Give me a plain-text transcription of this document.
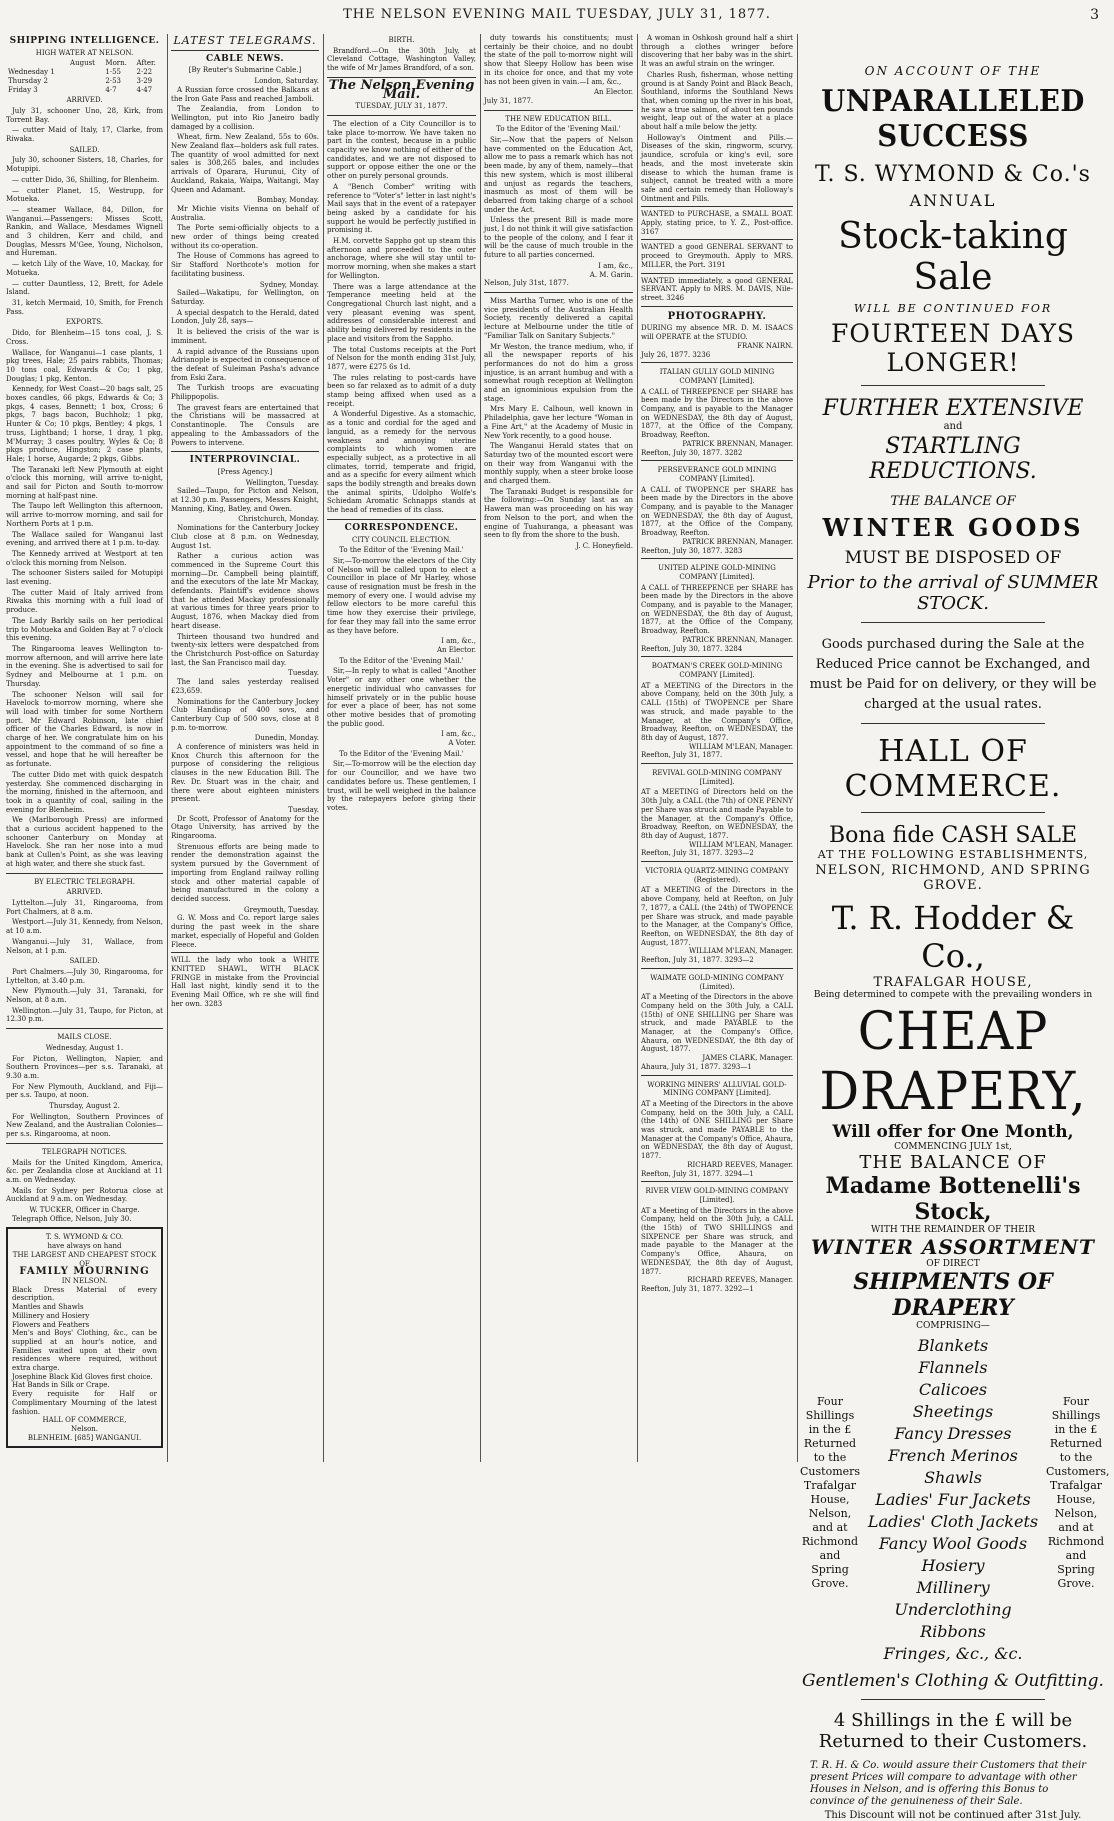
THE NELSON EVENING MAIL TUESDAY, JULY 31, 1877.	3
SHIPPING INTELLIGENCE.
HIGH WATER AT NELSON.
	August	Morn.	After.
Wednesday 1		1·55	2·22
Thursday 2		2·53	3·29
Friday 3		4·7	4·47
ARRIVED.

July 31, schooner Uno, 28, Kirk, from Torrent Bay.

— cutter Maid of Italy, 17, Clarke, from Riwaka.

SAILED.

July 30, schooner Sisters, 18, Charles, for Motupipi.

— cutter Dido, 36, Shilling, for Blenheim.

— cutter Planet, 15, Westrupp, for Motueka.

— steamer Wallace, 84, Dillon, for Wanganui.—Passengers: Misses Scott, Rankin, and Wallace, Mesdames Wignell and 3 children, Kerr and child, and Douglas, Messrs M'Gee, Young, Nicholson, and Hureman.

— ketch Lily of the Wave, 10, Mackay, for Motueka.

— cutter Dauntless, 12, Brett, for Adele Island.

31, ketch Mermaid, 10, Smith, for French Pass.

EXPORTS.

Dido, for Blenheim—15 tons coal, J. S. Cross.

Wallace, for Wanganui—1 case plants, 1 pkg trees, Hale; 25 pairs rabbits, Thomas; 10 tons coal, Edwards & Co; 1 pkg, Douglas; 1 pkg, Kenton.

Kennedy, for West Coast—20 bags salt, 25 boxes candles, 66 pkgs, Edwards & Co; 3 pkgs, 4 cases, Bennett; 1 box, Cross; 6 pkgs, 7 bags bacon, Buchholz; 1 pkg, Hunter & Co; 10 pkgs, Bentley; 4 pkgs, 1 truss, Lightband; 1 horse, 1 dray, 1 pkg, M'Murray; 3 cases poultry, Wyles & Co; 8 pkgs produce, Hingston; 2 case plants, Hale; 1 horse, Augarde; 2 pkgs, Gibbs.

The Taranaki left New Plymouth at eight o'clock this morning, will arrive to-night, and sail for Picton and South to-morrow morning at half-past nine.

The Taupo left Wellington this afternoon, will arrive to-morrow morning, and sail for Northern Ports at 1 p.m.

The Wallace sailed for Wanganui last evening, and arrived there at 1 p.m. to-day.

The Kennedy arrived at Westport at ten o'clock this morning from Nelson.

The schooner Sisters sailed for Motupipi last evening.

The cutter Maid of Italy arrived from Riwaka this morning with a full load of produce.

The Lady Barkly sails on her periodical trip to Motueka and Golden Bay at 7 o'clock this evening.

The Ringarooma leaves Wellington to-morrow afternoon, and will arrive here late in the evening. She is advertised to sail for Sydney and Melbourne at 1 p.m. on Thursday.

The schooner Nelson will sail for Havelock to-morrow morning, where she will load with timber for some Northern port. Mr Edward Robinson, late chief officer of the Charles Edward, is now in charge of her. We congratulate him on his appointment to the command of so fine a vessel, and hope that he will hereafter be as fortunate.

The cutter Dido met with quick despatch yesterday. She commenced discharging in the morning, finished in the afternoon, and took in a quantity of coal, sailing in the evening for Blenheim.

We (Marlborough Press) are informed that a curious accident happened to the schooner Canterbury on Monday at Havelock. She ran her nose into a mud bank at Cullen's Point, as she was leaving at high water, and there she stuck fast.

BY ELECTRIC TELEGRAPH.
ARRIVED.

Lyttelton.—July 31, Ringarooma, from Port Chalmers, at 8 a.m.

Westport.—July 31, Kennedy, from Nelson, at 10 a.m.

Wanganui.—July 31, Wallace, from Nelson, at 1 p.m.

SAILED.

Port Chalmers.—July 30, Ringarooma, for Lyttelton, at 3.40 p.m.

New Plymouth.—July 31, Taranaki, for Nelson, at 8 a.m.

Wellington.—July 31, Taupo, for Picton, at 12.30 p.m.

MAILS CLOSE.
Wednesday, August 1.

For Picton, Wellington, Napier, and Southern Provinces—per s.s. Taranaki, at 9.30 a.m.

For New Plymouth, Auckland, and Fiji—per s.s. Taupo, at noon.

Thursday, August 2.

For Wellington, Southern Provinces of New Zealand, and the Australian Colonies—per s.s. Ringarooma, at noon.

TELEGRAPH NOTICES.

Mails for the United Kingdom, America, &c. per Zealandia close at Auckland at 11 a.m. on Wednesday.

Mails for Sydney per Rotorua close at Auckland at 9 a.m. on Wednesday.

W. TUCKER, Officer in Charge.

Telegraph Office, Nelson, July 30.

T. S. WYMOND & CO.
have always on hand
THE LARGEST AND CHEAPEST STOCK OF
FAMILY MOURNING
IN NELSON.
Black Dress Material of every description.
Mantles and Shawls
Millinery and Hosiery
Flowers and Feathers
Men's and Boys' Clothing, &c., can be supplied at an hour's notice, and Families waited upon at their own residences where required, without extra charge.
Josephine Black Kid Gloves first choice.
Hat Bands in Silk or Crape.
Every requisite for Half or Complimentary Mourning of the latest fashion.
HALL OF COMMERCE,
Nelson.
BLENHEIM. [685] WANGANUI.
LATEST TELEGRAMS.
CABLE NEWS.
[By Reuter's Submarine Cable.]
London, Saturday.

A Russian force crossed the Balkans at the Iron Gate Pass and reached Jamboli.

The Zealandia, from London to Wellington, put into Rio Janeiro badly damaged by a collision.

Wheat, firm. New Zealand, 55s to 60s. New Zealand flax—holders ask full rates. The quantity of wool admitted for next sales is 308,265 bales, and includes arrivals of Oparara, Hurunui, City of Auckland, Rakaia, Waipa, Waitangi, May Queen and Adamant.

Bombay, Monday.

Mr Michie visits Vienna on behalf of Australia.

The Porte semi-officially objects to a new order of things being created without its co-operation.

The House of Commons has agreed to Sir Stafford Northcote's motion for facilitating business.

Sydney, Monday.

Sailed—Wakatipu, for Wellington, on Saturday.

A special despatch to the Herald, dated London, July 28, says—

It is believed the crisis of the war is imminent.

A rapid advance of the Russians upon Adrianople is expected in consequence of the defeat of Suleiman Pasha's advance from Eski Zara.

The Turkish troops are evacuating Philippopolis.

The gravest fears are entertained that the Christians will be massacred at Constantinople. The Consuls are appealing to the Ambassadors of the Powers to intervene.

INTERPROVINCIAL.
[Press Agency.]
Wellington, Tuesday.

Sailed—Taupo, for Picton and Nelson, at 12.30 p.m. Passengers, Messrs Knight, Manning, King, Batley, and Owen.

Christchurch, Monday.

Nominations for the Canterbury Jockey Club close at 8 p.m. on Wednesday, August 1st.

Rather a curious action was commenced in the Supreme Court this morning—Dr. Campbell being plaintiff, and the executors of the late Mr Mackay, defendants. Plaintiff's evidence shows that he attended Mackay professionally at various times for three years prior to August, 1876, when Mackay died from heart disease.

Thirteen thousand two hundred and twenty-six letters were despatched from the Christchurch Post-office on Saturday last, the San Francisco mail day.

Tuesday.

The land sales yesterday realised £23,659.

Nominations for the Canterbury Jockey Club Handicap of 400 sovs, and Canterbury Cup of 500 sovs, close at 8 p.m. to-morrow.

Dunedin, Monday.

A conference of ministers was held in Knox Church this afternoon for the purpose of considering the religious clauses in the new Education Bill. The Rev. Dr. Stuart was in the chair, and there were about eighteen ministers present.

Tuesday.

Dr Scott, Professor of Anatomy for the Otago University, has arrived by the Ringarooma.

Strenuous efforts are being made to render the demonstration against the system pursued by the Government of importing from England railway rolling stock and other material capable of being manufactured in the colony a decided success.

Greymouth, Tuesday.

G. W. Moss and Co. report large sales during the past week in the share market, especially of Hopeful and Golden Fleece.

WILL the lady who took a WHITE KNITTED SHAWL, WITH BLACK FRINGE in mistake from the Provincial Hall last night, kindly send it to the Evening Mail Office, wh re she will find her own. 3283
BIRTH.

Brandford.—On the 30th July, at Cleveland Cottage, Washington Valley, the wife of Mr James Brandford, of a son.

The Nelson Evening Mail.
TUESDAY, JULY 31, 1877.

The election of a City Councillor is to take place to-morrow. We have taken no part in the contest, because in a public capacity we know nothing of either of the candidates, and we are not disposed to support or oppose either the one or the other on purely personal grounds.

A "Bench Comber" writing with reference to "Voter's" letter in last night's Mail says that in the event of a ratepayer being asked by a candidate for his support he would be perfectly justified in promising it.

H.M. corvette Sappho got up steam this afternoon and proceeded to the outer anchorage, where she will stay until to-morrow morning, when she makes a start for Wellington.

There was a large attendance at the Temperance meeting held at the Congregational Church last night, and a very pleasant evening was spent, addresses of considerable interest and ability being delivered by residents in the place and visitors from the Sappho.

The total Customs receipts at the Port of Nelson for the month ending 31st July, 1877, were £275 6s 1d.

The rules relating to post-cards have been so far relaxed as to admit of a duty stamp being affixed when used as a receipt.

A Wonderful Digestive. As a stomachic, as a tonic and cordial for the aged and languid, as a remedy for the nervous weakness and annoying uterine complaints to which women are especially subject, as a protective in all climates, torrid, temperate and frigid, and as a specific for every ailment which saps the bodily strength and breaks down the animal spirits, Udolpho Wolfe's Schiedam Aromatic Schnapps stands at the head of remedies of its class.

CORRESPONDENCE.
CITY COUNCIL ELECTION.
To the Editor of the 'Evening Mail.'

Sir,—To-morrow the electors of the City of Nelson will be called upon to elect a Councillor in place of Mr Harley, whose cause of resignation must be fresh in the memory of every one. I would advise my fellow electors to be more careful this time how they exercise their privilege, for fear they may fall into the same error as they have before.

I am, &c.,
An Elector.
To the Editor of the 'Evening Mail.'

Sir,—In reply to what is called "Another Voter" or any other one whether the energetic individual who canvasses for himself privately or in the public house for ever a place of beer, has not some other motive besides that of promoting the public good.

I am, &c.,
A Voter.
To the Editor of the 'Evening Mail.'

Sir,—To-morrow will be the election day for our Councillor, and we have two candidates before us. These gentlemen, I trust, will be well weighed in the balance by the ratepayers before giving their votes.

duty towards his constituents; must certainly be their choice, and no doubt the state of the poll to-morrow night will show that Sleepy Hollow has been wise in its choice for once, and that my vote has not been given in vain.—I am, &c.,

An Elector.
July 31, 1877.
THE NEW EDUCATION BILL.
To the Editor of the 'Evening Mail.'

Sir,—Now that the papers of Nelson have commented on the Education Act, allow me to pass a remark which has not been made, by any of them, namely—that this new system, which is most illiberal and unjust as regards the teachers, inasmuch as most of them will be debarred from taking charge of a school under the Act.

Unless the present Bill is made more just, I do not think it will give satisfaction to the people of the colony, and I fear it will be the cause of much trouble in the future to all parties concerned.

I am, &c.,
A. M. Garin.
Nelson, July 31st, 1877.

Miss Martha Turner, who is one of the vice presidents of the Australian Health Society, recently delivered a capital lecture at Melbourne under the title of "Familiar Talk on Sanitary Subjects."

Mr Weston, the trance medium, who, if all the newspaper reports of his performances do not do him a gross injustice, is an arrant humbug and with a somewhat rough reception at Wellington and an ignominious expulsion from the stage.

Mrs Mary E. Calhoun, well known in Philadelphia, gave her lecture "Woman in a Fine Art," at the Academy of Music in New York recently, to a good house.

The Wanganui Herald states that on Saturday two of the mounted escort were on their way from Wanganui with the monthly supply, when a steer broke loose and charged them.

The Taranaki Budget is responsible for the following:—On Sunday last as an Hawera man was proceeding on his way from Nelson to the port, and when the engine of Tuahuranga, a pheasant was seen to fly from the shore to the bush.

J. C. Honeyfield.

A woman in Oshkosh ground half a shirt through a clothes wringer before discovering that her baby was in the shirt. It was an awful strain on the wringer.

Charles Rush, fisherman, whose netting ground is at Sandy Point and Black Beach, Southland, informs the Southland News that, when coming up the river in his boat, he saw a true salmon, of about ten pounds weight, leap out of the water at a place about half a mile below the jetty.

Holloway's Ointment and Pills.—Diseases of the skin, ringworm, scurvy, jaundice, scrofula or king's evil, sore heads, and the most inveterate skin disease to which the human frame is subject, cannot be treated with a more safe and certain remedy than Holloway's Ointment and Pills.

WANTED to PURCHASE, a SMALL BOAT. Apply, stating price, to Y. Z., Post-office. 3167
WANTED a good GENERAL SERVANT to proceed to Greymouth. Apply to MRS. MILLER, the Port. 3191
WANTED immediately, a good GENERAL SERVANT. Apply to MRS. M. DAVIS, Nile-street. 3246
PHOTOGRAPHY.
DURING my absence MR. D. M. ISAACS will OPERATE at the STUDIO.
FRANK NAIRN.
July 26, 1877. 3236
ITALIAN GULLY GOLD MINING COMPANY [Limited].
A CALL of THREEPENCE per SHARE has been made by the Directors in the above Company, and is payable to the Manager on WEDNESDAY, the 8th day of August, 1877, at the Office of the Company, Broadway, Reefton.
PATRICK BRENNAN, Manager.
Reefton, July 30, 1877. 3282
PERSEVERANCE GOLD MINING COMPANY [Limited].
A CALL of TWOPENCE per SHARE has been made by the Directors in the above Company, and is payable to the Manager on WEDNESDAY, the 8th day of August, 1877, at the Office of the Company, Broadway, Reefton.
PATRICK BRENNAN, Manager.
Reefton, July 30, 1877. 3283
UNITED ALPINE GOLD-MINING COMPANY [Limited].
A CALL of THREEPENCE per SHARE has been made by the Directors in the above Company, and is payable to the Manager, on WEDNESDAY, the 8th day of August, 1877, at the Office of the Company, Broadway, Reefton.
PATRICK BRENNAN, Manager.
Reefton, July 30, 1877. 3284
BOATMAN'S CREEK GOLD-MINING COMPANY [Limited].
AT a MEETING of the Directors in the above Company, held on the 30th July, a CALL (15th) of TWOPENCE per Share was struck, and made payable to the Manager, at the Company's Office, Broadway, Reefton, on WEDNESDAY, the 8th day of August, 1877.
WILLIAM M'LEAN, Manager.
Reefton, July 31, 1877.
REVIVAL GOLD-MINING COMPANY [Limited].
AT a MEETING of Directors held on the 30th July, a CALL (the 7th) of ONE PENNY per Share was struck and made Payable to the Manager, at the Company's Office, Broadway, Reefton, on WEDNESDAY, the 8th day of August, 1877.
WILLIAM M'LEAN, Manager.
Reefton, July 31, 1877. 3293—2
VICTORIA QUARTZ-MINING COMPANY (Registered).
AT a MEETING of the Directors in the above Company, held at Reefton, on July 7, 1877, a CALL (the 24th) of TWOPENCE per Share was struck, and made payable to the Manager, at the Company's Office, Reefton, on WEDNESDAY, the 8th day of August, 1877.
WILLIAM M'LEAN, Manager.
Reefton, July 31, 1877. 3293—2
WAIMATE GOLD-MINING COMPANY (Limited).
AT a Meeting of the Directors in the above Company held on the 30th July, a CALL (15th) of ONE SHILLING per Share was struck, and made PAYABLE to the Manager, at the Company's Office, Ahaura, on WEDNESDAY, the 8th day of August, 1877.
JAMES CLARK, Manager.
Ahaura, July 31, 1877. 3293—1
WORKING MINERS' ALLUVIAL GOLD-MINING COMPANY [Limited].
AT a Meeting of the Directors in the above Company, held on the 30th July, a CALL (the 14th) of ONE SHILLING per Share was struck, and made PAYABLE to the Manager at the Company's Office, Ahaura, on WEDNESDAY, the 8th day of August, 1877.
RICHARD REEVES, Manager.
Reefton, July 31, 1877. 3294—1
RIVER VIEW GOLD-MINING COMPANY [Limited].
AT a Meeting of the Directors in the above Company, held on the 30th July, a CALL (the 15th) of TWO SHILLINGS and SIXPENCE per Share was struck, and made payable to the Manager at the Company's Office, Ahaura, on WEDNESDAY, the 8th day of August, 1877.
RICHARD REEVES, Manager.
Reefton, July 31, 1877. 3292—1
ON ACCOUNT OF THE
UNPARALLELED SUCCESS
T. S. WYMOND & Co.'s
ANNUAL
Stock-taking Sale
WILL BE CONTINUED FOR
FOURTEEN DAYS LONGER!
FURTHER EXTENSIVE
and
STARTLING REDUCTIONS.
THE BALANCE OF
WINTER GOODS
MUST BE DISPOSED OF
Prior to the arrival of SUMMER STOCK.
Goods purchased during the Sale at the Reduced Price cannot be Exchanged, and must be Paid for on delivery, or they will be charged at the usual rates.
HALL OF COMMERCE.
Bona fide CASH SALE
AT THE FOLLOWING ESTABLISHMENTS,
NELSON, RICHMOND, AND SPRING GROVE.
T. R. Hodder & Co.,
TRAFALGAR HOUSE,
Being determined to compete with the prevailing wonders in
CHEAP DRAPERY,
Will offer for One Month,
COMMENCING JULY 1st,
THE BALANCE OF
Madame Bottenelli's Stock,
WITH THE REMAINDER OF THEIR
WINTER ASSORTMENT
OF DIRECT
SHIPMENTS OF DRAPERY
COMPRISING—
Four Shillings in the £ Returned to the Customers Trafalgar House, Nelson, and at Richmond and Spring Grove.
Blankets
Flannels
Calicoes
Sheetings
Fancy Dresses
French Merinos
Shawls
Ladies' Fur Jackets
Ladies' Cloth Jackets
Fancy Wool Goods
Hosiery
Millinery
Underclothing
Ribbons
Fringes, &c., &c.
Four Shillings in the £ Returned to the Customers, Trafalgar House, Nelson, and at Richmond and Spring Grove.
Gentlemen's Clothing & Outfitting.
4 Shillings in the £ will be Returned to their Customers.
T. R. H. & Co. would assure their Customers that their present Prices will compare to advantage with other Houses in Nelson, and is offering this Bonus to convince of the genuineness of their Sale.
This Discount will not be continued after 31st July.
